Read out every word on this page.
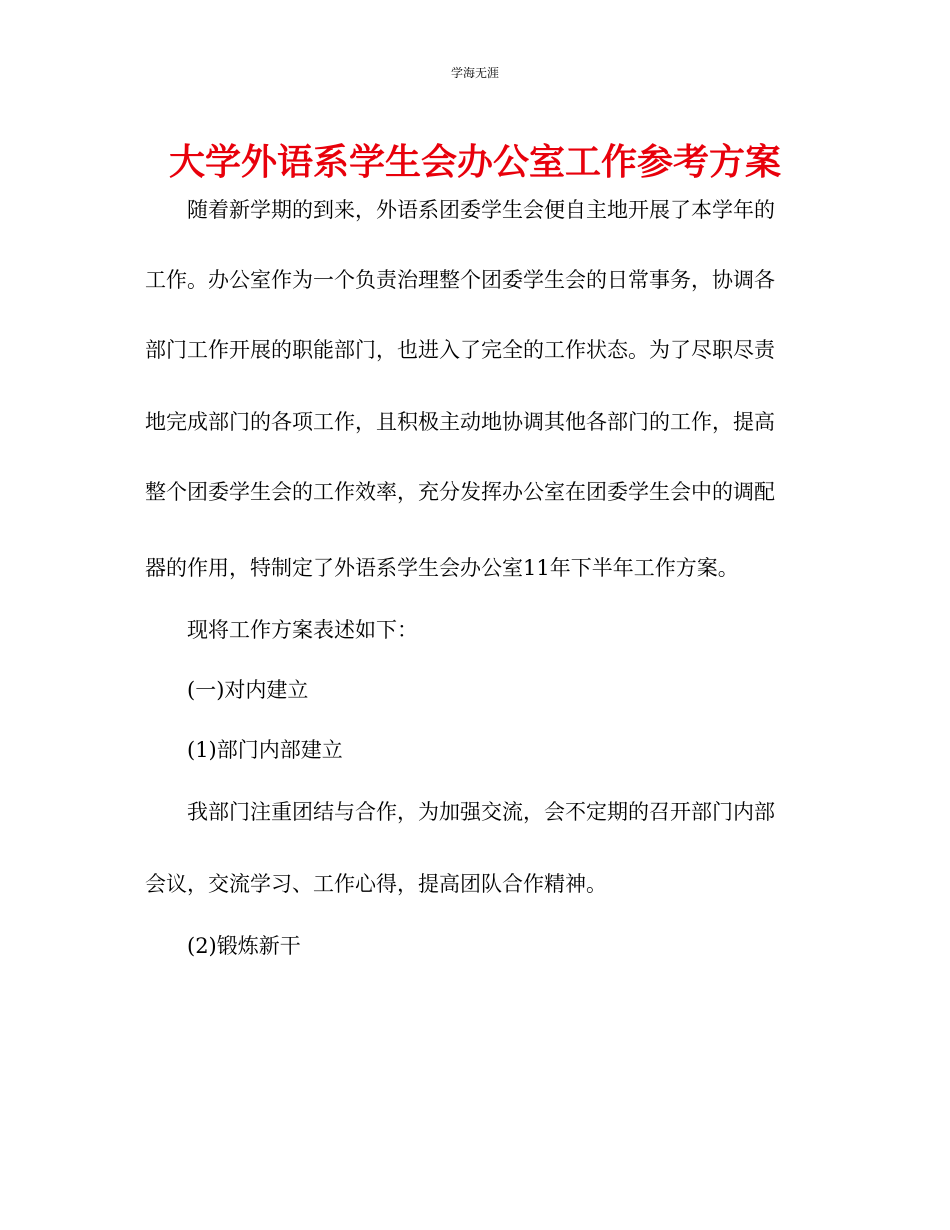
学海无涯
大学外语系学生会办公室工作参考方案
随着新学期的到来，外语系团委学生会便自主地开展了本学年的
工作。办公室作为一个负责治理整个团委学生会的日常事务，协调各
部门工作开展的职能部门，也进入了完全的工作状态。为了尽职尽责
地完成部门的各项工作，且积极主动地协调其他各部门的工作，提高
整个团委学生会的工作效率，充分发挥办公室在团委学生会中的调配
器的作用，特制定了外语系学生会办公室11年下半年工作方案。
现将工作方案表述如下：
(一)对内建立
(1)部门内部建立
我部门注重团结与合作，为加强交流，会不定期的召开部门内部
会议，交流学习、工作心得，提高团队合作精神。
(2)锻炼新干
